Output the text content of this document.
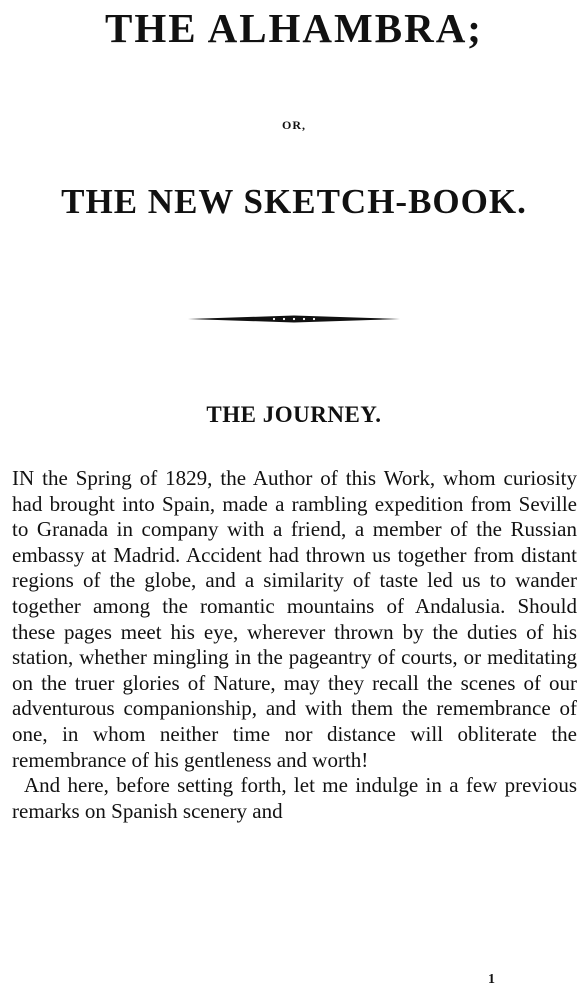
THE ALHAMBRA;
OR,
THE NEW SKETCH-BOOK.
THE JOURNEY.

IN the Spring of 1829, the Author of this Work, whom curiosity had brought into Spain, made a rambling expedition from Seville to Granada in company with a friend, a member of the Russian embassy at Madrid. Accident had thrown us together from distant regions of the globe, and a similarity of taste led us to wander together among the romantic mountains of Andalusia. Should these pages meet his eye, wherever thrown by the duties of his station, whether mingling in the pageantry of courts, or meditating on the truer glories of Nature, may they recall the scenes of our adventurous companionship, and with them the remembrance of one, in whom neither time nor distance will obliterate the remembrance of his gentleness and worth!

And here, before setting forth, let me indulge in a few previous remarks on Spanish scenery and

1
